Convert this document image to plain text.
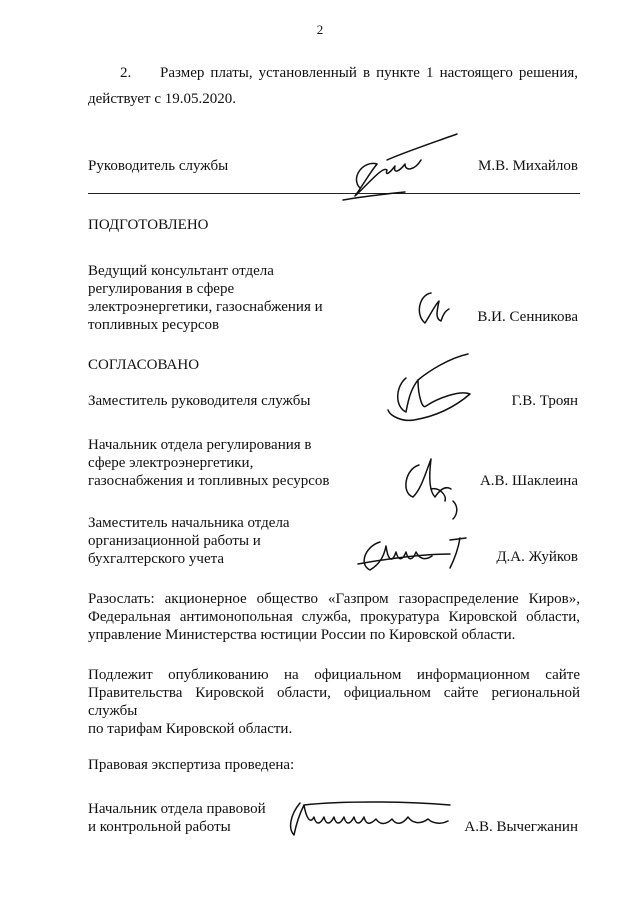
2
2. Размер платы, установленный в пункте 1 настоящего решения,
действует с 19.05.2020.
Руководитель службы	М.В. Михайлов
ПОДГОТОВЛЕНО
Ведущий консультант отдела
регулирования в сфере
электроэнергетики, газоснабжения и
топливных ресурсов	В.И. Сенникова
СОГЛАСОВАНО
Заместитель руководителя службы	Г.В. Троян
Начальник отдела регулирования в
сфере электроэнергетики,
газоснабжения и топливных ресурсов	А.В. Шаклеина
Заместитель начальника отдела
организационной работы и
бухгалтерского учета	Д.А. Жуйков
Разослать: акционерное общество «Газпром газораспределение Киров»,
Федеральная антимонопольная служба, прокуратура Кировской области,
управление Министерства юстиции России по Кировской области.
Подлежит опубликованию на официальном информационном сайте
Правительства Кировской области, официальном сайте региональной службы
по тарифам Кировской области.
Правовая экспертиза проведена:
Начальник отдела правовой
и контрольной работы	А.В. Вычегжанин
